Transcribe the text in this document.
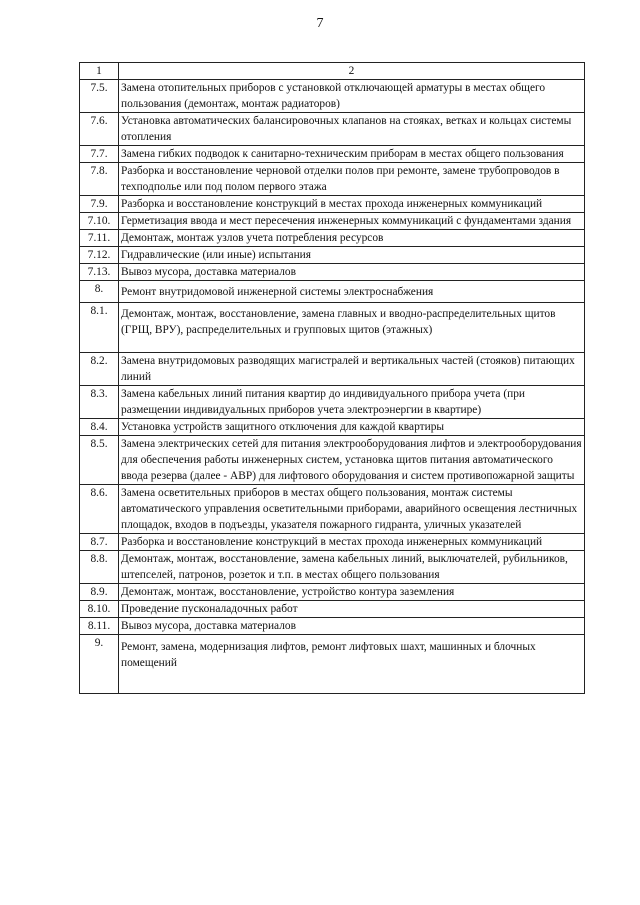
7
1	2
7.5.	Замена отопительных приборов с установкой отключающей арматуры в местах общего пользования (демонтаж, монтаж радиаторов)
7.6.	Установка автоматических балансировочных клапанов на стояках, ветках и кольцах системы отопления
7.7.	Замена гибких подводок к санитарно-техническим приборам в местах общего пользования
7.8.	Разборка и восстановление черновой отделки полов при ремонте, замене трубопроводов в техподполье или под полом первого этажа
7.9.	Разборка и восстановление конструкций в местах прохода инженерных коммуникаций
7.10.	Герметизация ввода и мест пересечения инженерных коммуникаций с фундаментами здания
7.11.	Демонтаж, монтаж узлов учета потребления ресурсов
7.12.	Гидравлические (или иные) испытания
7.13.	Вывоз мусора, доставка материалов
8.	Ремонт внутридомовой инженерной системы электроснабжения
8.1.	Демонтаж, монтаж, восстановление, замена главных и вводно-распределительных щитов (ГРЩ, ВРУ), распределительных и групповых щитов (этажных)
8.2.	Замена внутридомовых разводящих магистралей и вертикальных частей (стояков) питающих линий
8.3.	Замена кабельных линий питания квартир до индивидуального прибора учета (при размещении индивидуальных приборов учета электроэнергии в квартире)
8.4.	Установка устройств защитного отключения для каждой квартиры
8.5.	Замена электрических сетей для питания электрооборудования лифтов и электрооборудования для обеспечения работы инженерных систем, установка щитов питания автоматического ввода резерва (далее - АВР) для лифтового оборудования и систем противопожарной защиты
8.6.	Замена осветительных приборов в местах общего пользования, монтаж системы автоматического управления осветительными приборами, аварийного освещения лестничных площадок, входов в подъезды, указателя пожарного гидранта, уличных указателей
8.7.	Разборка и восстановление конструкций в местах прохода инженерных коммуникаций
8.8.	Демонтаж, монтаж, восстановление, замена кабельных линий, выключателей, рубильников, штепселей, патронов, розеток и т.п. в местах общего пользования
8.9.	Демонтаж, монтаж, восстановление, устройство контура заземления
8.10.	Проведение пусконаладочных работ
8.11.	Вывоз мусора, доставка материалов
9.	Ремонт, замена, модернизация лифтов, ремонт лифтовых шахт, машинных и блочных помещений
